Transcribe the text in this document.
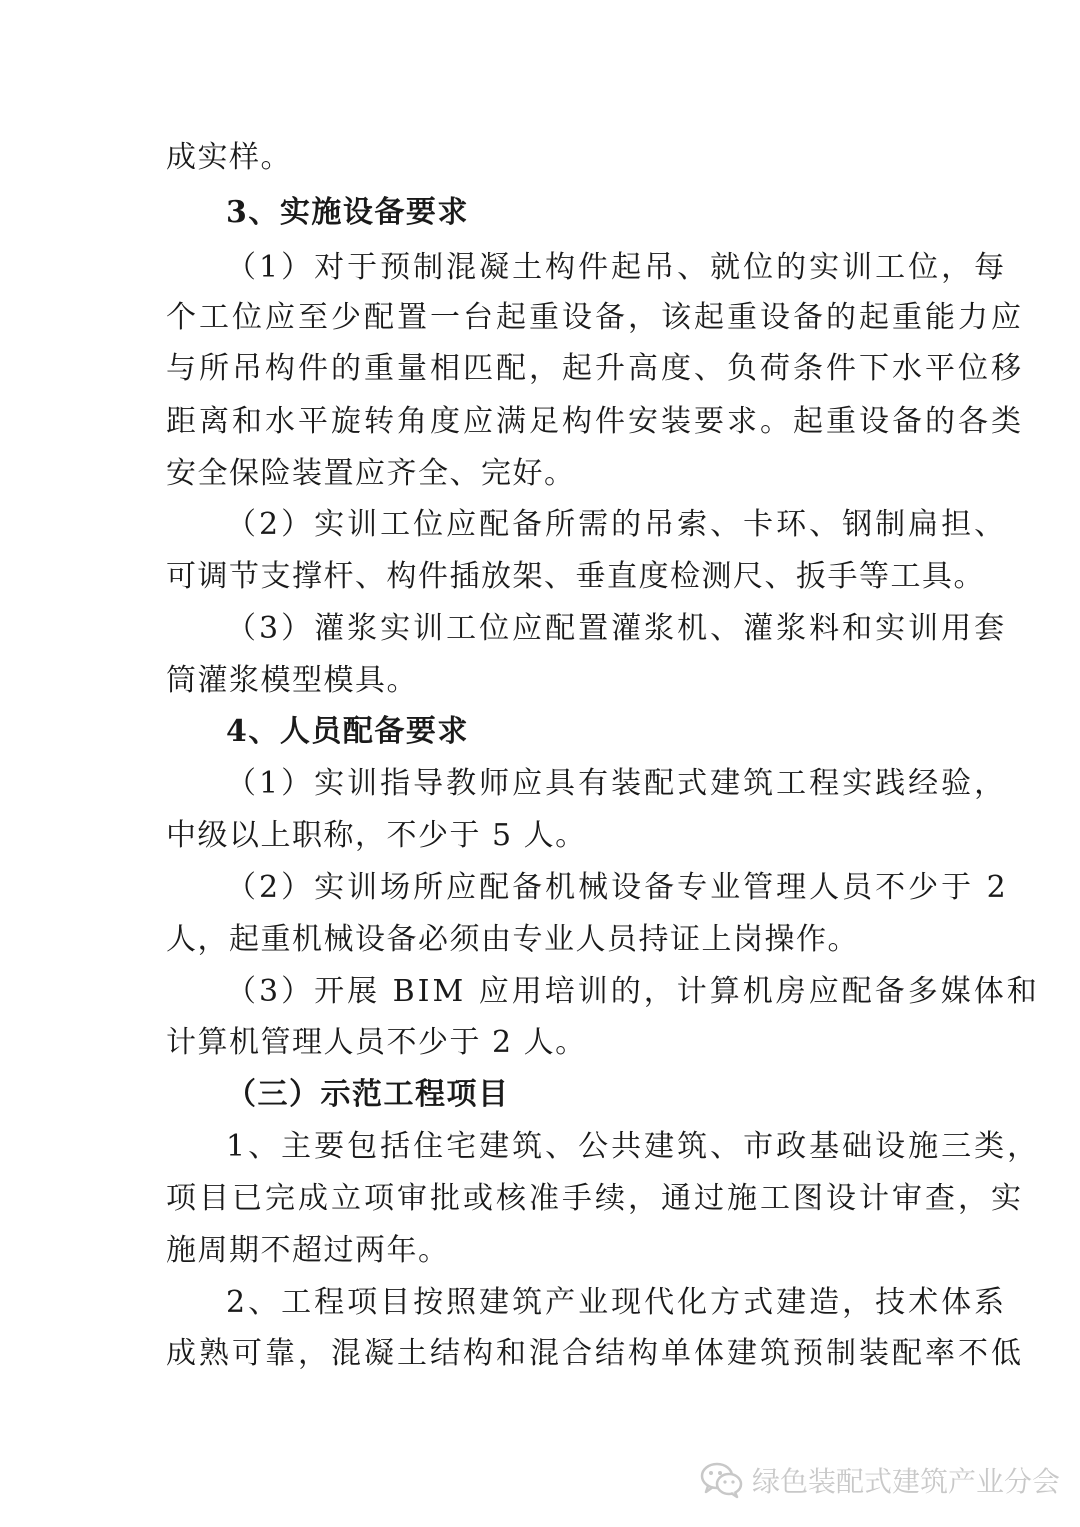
成实样。
3、实施设备要求
（1）对于预制混凝土构件起吊、就位的实训工位，每
个工位应至少配置一台起重设备，该起重设备的起重能力应
与所吊构件的重量相匹配，起升高度、负荷条件下水平位移
距离和水平旋转角度应满足构件安装要求。起重设备的各类
安全保险装置应齐全、完好。
（2）实训工位应配备所需的吊索、卡环、钢制扁担、
可调节支撑杆、构件插放架、垂直度检测尺、扳手等工具。
（3）灌浆实训工位应配置灌浆机、灌浆料和实训用套
筒灌浆模型模具。
4、人员配备要求
（1）实训指导教师应具有装配式建筑工程实践经验，
中级以上职称，不少于 5 人。
（2）实训场所应配备机械设备专业管理人员不少于 2
人，起重机械设备必须由专业人员持证上岗操作。
（3）开展 BIM 应用培训的，计算机房应配备多媒体和
计算机管理人员不少于 2 人。
（三）示范工程项目
1、主要包括住宅建筑、公共建筑、市政基础设施三类，
项目已完成立项审批或核准手续，通过施工图设计审查，实
施周期不超过两年。
2、工程项目按照建筑产业现代化方式建造，技术体系
成熟可靠，混凝土结构和混合结构单体建筑预制装配率不低
绿色装配式建筑产业分会
